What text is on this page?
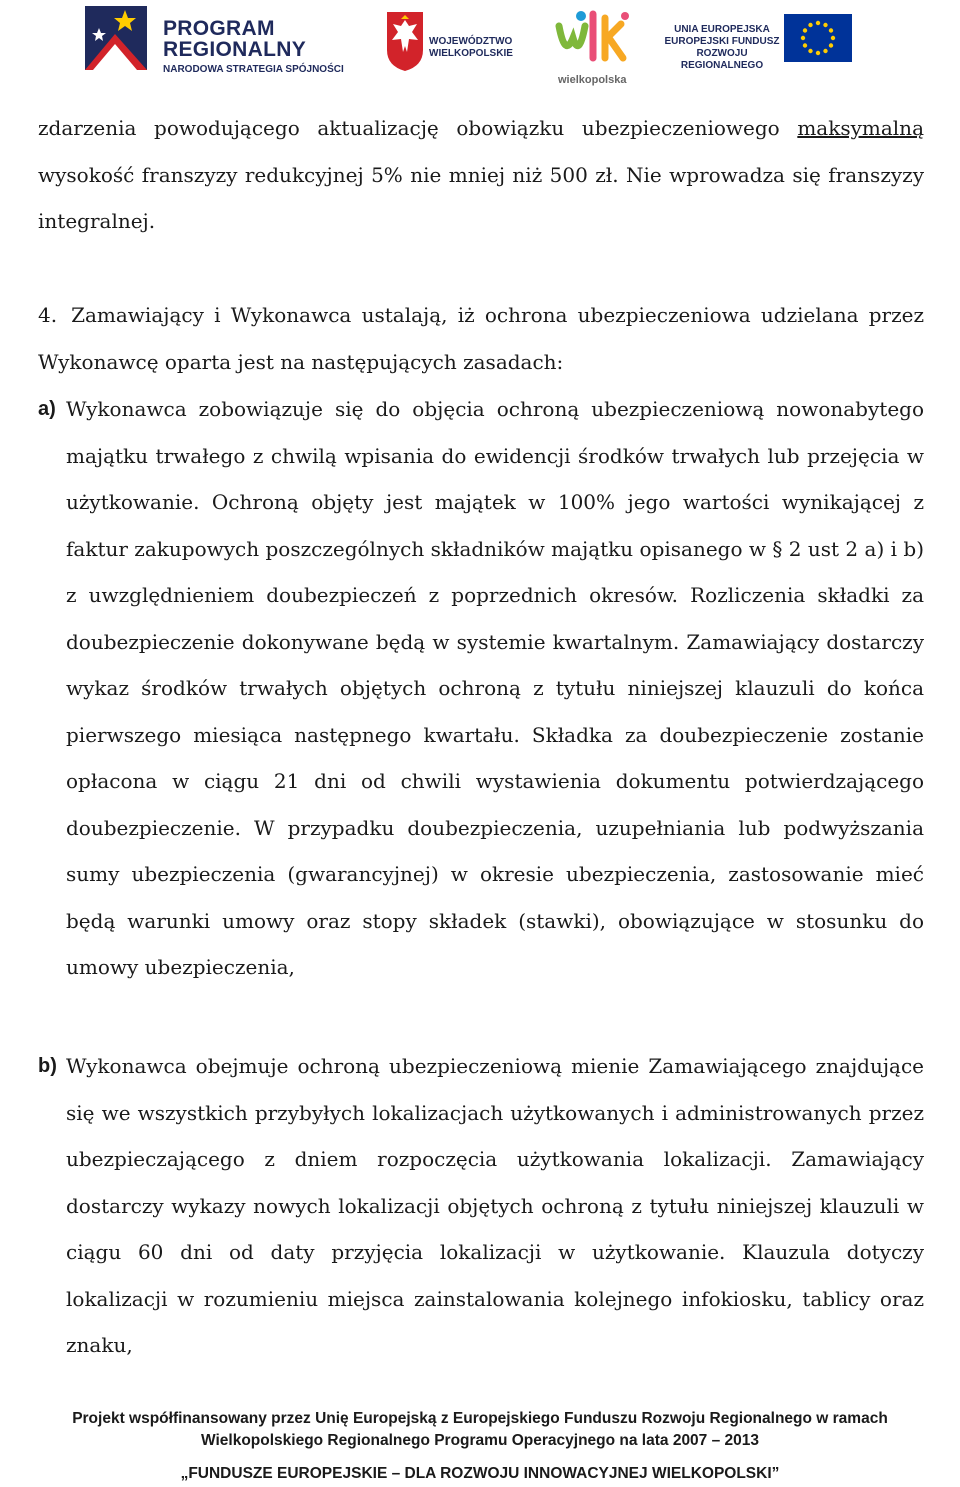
PROGRAM
REGIONALNY
NARODOWA STRATEGIA SPÓJNOŚCI
WOJEWÓDZTWO
WIELKOPOLSKIE
wielkopolska
UNIA EUROPEJSKA
EUROPEJSKI FUNDUSZ
ROZWOJU REGIONALNEGO
zdarzenia powodującego aktualizację obowiązku ubezpieczeniowego maksymalną wysokość franszyzy redukcyjnej 5% nie mniej niż 500 zł. Nie wprowadza się franszyzy integralnej.
4. Zamawiający i Wykonawca ustalają, iż ochrona ubezpieczeniowa udzielana przez Wykonawcę oparta jest na następujących zasadach:
a) Wykonawca zobowiązuje się do objęcia ochroną ubezpieczeniową nowonabytego majątku trwałego z chwilą wpisania do ewidencji środków trwałych lub przejęcia w użytkowanie. Ochroną objęty jest majątek w 100% jego wartości wynikającej z faktur zakupowych poszczególnych składników majątku opisanego w § 2 ust 2 a) i b) z uwzględnieniem doubezpieczeń z poprzednich okresów. Rozliczenia składki za doubezpieczenie dokonywane będą w systemie kwartalnym. Zamawiający dostarczy wykaz środków trwałych objętych ochroną z tytułu niniejszej klauzuli do końca pierwszego miesiąca następnego kwartału. Składka za doubezpieczenie zostanie opłacona w ciągu 21 dni od chwili wystawienia dokumentu potwierdzającego doubezpieczenie. W przypadku doubezpieczenia, uzupełniania lub podwyższania sumy ubezpieczenia (gwarancyjnej) w okresie ubezpieczenia, zastosowanie mieć będą warunki umowy oraz stopy składek (stawki), obowiązujące w stosunku do umowy ubezpieczenia,
b) Wykonawca obejmuje ochroną ubezpieczeniową mienie Zamawiającego znajdujące się we wszystkich przybyłych lokalizacjach użytkowanych i administrowanych przez ubezpieczającego z dniem rozpoczęcia użytkowania lokalizacji. Zamawiający dostarczy wykazy nowych lokalizacji objętych ochroną z tytułu niniejszej klauzuli w ciągu 60 dni od daty przyjęcia lokalizacji w użytkowanie. Klauzula dotyczy lokalizacji w rozumieniu miejsca zainstalowania kolejnego infokiosku, tablicy oraz znaku,
Projekt współfinansowany przez Unię Europejską z Europejskiego Funduszu Rozwoju Regionalnego w ramach
Wielkopolskiego Regionalnego Programu Operacyjnego na lata 2007 – 2013
„FUNDUSZE EUROPEJSKIE – DLA ROZWOJU INNOWACYJNEJ WIELKOPOLSKI”
